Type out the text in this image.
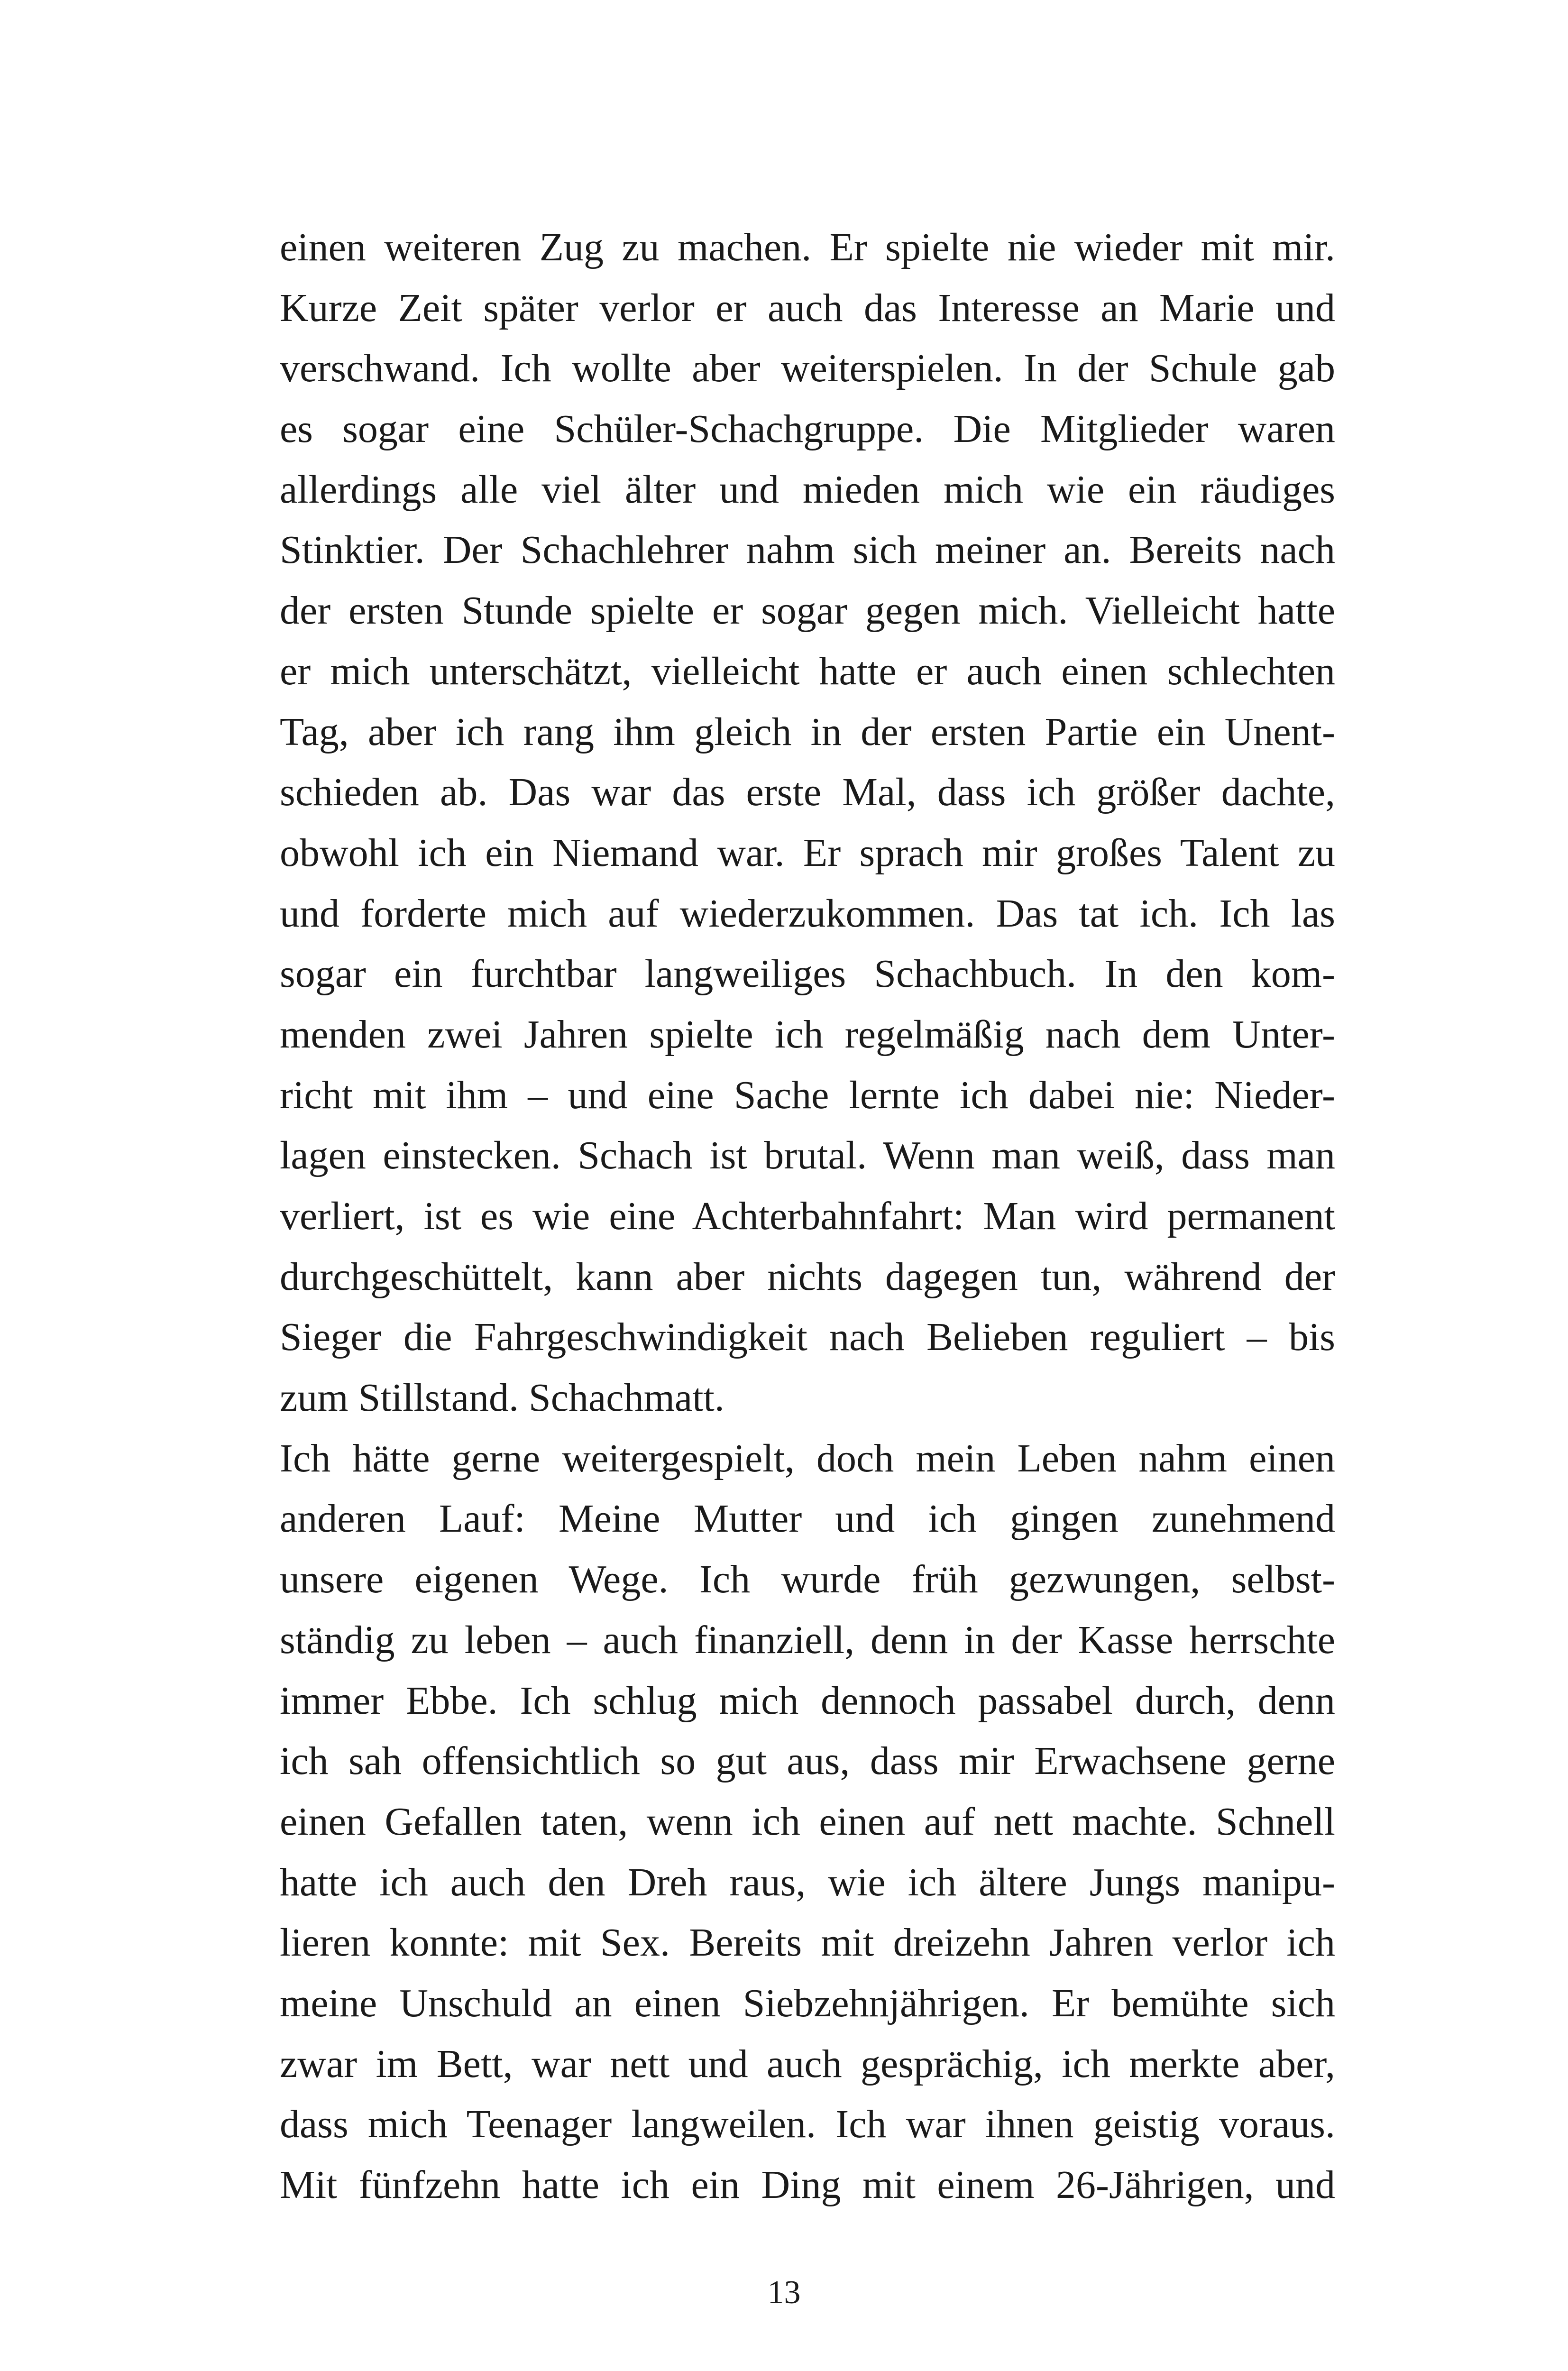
einen weiteren Zug zu machen. Er spielte nie wieder mit mir.
Kurze Zeit später verlor er auch das Interesse an Marie und
verschwand. Ich wollte aber weiterspielen. In der Schule gab
es sogar eine Schüler-Schachgruppe. Die Mitglieder waren
allerdings alle viel älter und mieden mich wie ein räudiges
Stinktier. Der Schachlehrer nahm sich meiner an. Bereits nach
der ersten Stunde spielte er sogar gegen mich. Vielleicht hatte
er mich unterschätzt, vielleicht hatte er auch einen schlechten
Tag, aber ich rang ihm gleich in der ersten Partie ein Unent-
schieden ab. Das war das erste Mal, dass ich größer dachte,
obwohl ich ein Niemand war. Er sprach mir großes Talent zu
und forderte mich auf wiederzukommen. Das tat ich. Ich las
sogar ein furchtbar langweiliges Schachbuch. In den kom-
menden zwei Jahren spielte ich regelmäßig nach dem Unter-
richt mit ihm – und eine Sache lernte ich dabei nie: Nieder-
lagen einstecken. Schach ist brutal. Wenn man weiß, dass man
verliert, ist es wie eine Achterbahnfahrt: Man wird permanent
durchgeschüttelt, kann aber nichts dagegen tun, während der
Sieger die Fahrgeschwindigkeit nach Belieben reguliert – bis
zum Stillstand. Schachmatt.
Ich hätte gerne weitergespielt, doch mein Leben nahm einen
anderen Lauf: Meine Mutter und ich gingen zunehmend
unsere eigenen Wege. Ich wurde früh gezwungen, selbst-
ständig zu leben – auch finanziell, denn in der Kasse herrschte
immer Ebbe. Ich schlug mich dennoch passabel durch, denn
ich sah offensichtlich so gut aus, dass mir Erwachsene gerne
einen Gefallen taten, wenn ich einen auf nett machte. Schnell
hatte ich auch den Dreh raus, wie ich ältere Jungs manipu-
lieren konnte: mit Sex. Bereits mit dreizehn Jahren verlor ich
meine Unschuld an einen Siebzehnjährigen. Er bemühte sich
zwar im Bett, war nett und auch gesprächig, ich merkte aber,
dass mich Teenager langweilen. Ich war ihnen geistig voraus.
Mit fünfzehn hatte ich ein Ding mit einem 26-Jährigen, und
13
